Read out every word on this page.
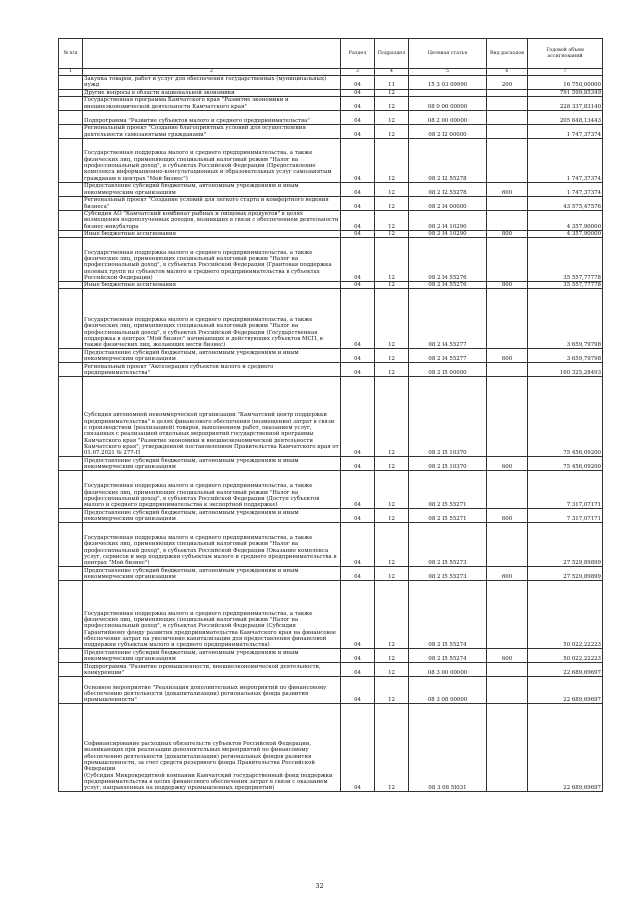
№ п/п		Раздел	Подраздел	Целевая статья	Вид расходов	Годовой объем ассигнований
1	2	3	4	5	6	7
	Закупка товаров, работ и услуг для обеспечения государственных (муниципальных) нужд	04	11	15 3 03 09990	200	16 750,00000
	Другие вопросы в области национальной экономики	04	12			791 599,85349
	Государственная программа Камчатского края "Развитие экономики и внешнеэкономической деятельности Камчатского края"	04	12	08 0 00 00000		228 337,83140
	Подпрограмма "Развитие субъектов малого и среднего предпринимательства"	04	12	08 2 00 00000		205 648,13443
	Региональный проект "Создание благоприятных условий для осуществления деятельности самозанятыми гражданами"	04	12	08 2 I2 00000		1 747,37374
	Государственная поддержка малого и среднего предпринимательства, а также физических лиц, применяющих специальный налоговый режим "Налог на профессиональный доход", в субъектах Российской Федерации (Предоставление комплекса информационно-консультационных и образовательных услуг самозанятым гражданам в центрах "Мой бизнес")	04	12	08 2 I2 55278		1 747,37374
	Предоставление субсидий бюджетным, автономным учреждениям и иным некоммерческим организациям	04	12	08 2 I2 55278	600	1 747,37374
	Региональный проект "Создание условий для легкого старта и комфортного ведения бизнеса"	04	12	08 2 I4 00000		43 575,47576
	Субсидия АО "Камчатский комбинат рыбных и пищевых продуктов" в целях возмещения недополученных доходов, возникших в связи с обеспечением деятельности бизнес-инкубатора	04	12	08 2 I4 10290		4 357,90000
	Иные бюджетные ассигнования	04	12	08 2 I4 10290	800	4 357,90000
	Государственная поддержка малого и среднего предпринимательства, а также физических лиц, применяющих специальный налоговый режим "Налог на профессиональный доход", в субъектах Российской Федерации (Грантовая поддержка целевых групп из субъектов малого и среднего предпринимательства в субъектах Российской Федерации)	04	12	08 2 I4 55276		35 557,77778
	Иные бюджетные ассигнования	04	12	08 2 I4 55276	800	35 557,77778
	Государственная поддержка малого и среднего предпринимательства, а также физических лиц, применяющих специальный налоговый режим "Налог на профессиональный доход", в субъектах Российской Федерации (Государственная поддержка в центрах "Мой бизнес" начинающих и действующих субъектов МСП, в также физических лиц, желающих вести бизнес)	04	12	08 2 I4 55277		3 659,79798
	Предоставление субсидий бюджетным, автономным учреждениям и иным некоммерческим организациям	04	12	08 2 I4 55277	600	3 659,79798
	Региональный проект "Акселерация субъектов малого и среднего предпринимательства"	04	12	08 2 I5 00000		160 325,28493
	Субсидия автономной некоммерческой организации "Камчатский центр поддержки предпринимательства" в целях финансового обеспечения (возмещения) затрат в связи с производством (реализацией) товаров, выполнением работ, оказанием услуг, связанных с реализацией отдельных мероприятий государственной программы Камчатского края "Развитие экономики и внешнеэкономической деятельности Камчатского края", утвержденной постановлением Правительства Камчатского края от 01.07.2021 № 277-П	04	12	08 2 I5 10370		75 456,09200
	Предоставление субсидий бюджетным, автономным учреждениям и иным некоммерческим организациям	04	12	08 2 I5 10370	600	75 456,09200
	Государственная поддержка малого и среднего предпринимательства, а также физических лиц, применяющих специальный налоговый режим "Налог на профессиональный доход", в субъектах Российской Федерации (Доступ субъектов малого и среднего предпринимательства к экспортной поддержке)	04	12	08 2 I5 55271		7 317,07171
	Предоставление субсидий бюджетным, автономным учреждениям и иным некоммерческим организациям	04	12	08 2 I5 55271	600	7 317,07171
	Государственная поддержка малого и среднего предпринимательства, а также физических лиц, применяющих специальный налоговый режим "Налог на профессиональный доход", в субъектах Российской Федерации (Оказание комплекса услуг, сервисов и мер поддержки субъектам малого и среднего предпринимательства в центрах "Мой бизнес")	04	12	08 2 I5 55273		27 529,89899
	Предоставление субсидий бюджетным, автономным учреждениям и иным некоммерческим организациям	04	12	08 2 I5 55273	600	27 529,89899
	Государственная поддержка малого и среднего предпринимательства, а также физических лиц, применяющих специальный налоговый режим "Налог на профессиональный доход", в субъектах Российской Федерации (Субсидия Гарантийному фонду развития предпринимательства Камчатского края на финансовое обеспечение затрат на увеличение капитализации для предоставления финансовой поддержки субъектам малого и среднего предпринимательства)	04	12	08 2 I5 55274		50 022,22223
	Предоставление субсидий бюджетным, автономным учреждениям и иным некоммерческим организациям	04	12	08 2 I5 55274	600	50 022,22223
	Подпрограмма "Развитие промышленности, внешнеэкономической деятельности, конкуренции"	04	12	08 3 00 00000		22 689,69697
	Основное мероприятие "Реализация дополнительных мероприятий по финансовому обеспечению деятельности (докапитализации) региональных фонда развития промышленности"	04	12	08 3 08 00000		22 689,69697
	Софинансирование расходных обязательств субъектов Российской Федерации, возникающих при реализации дополнительных мероприятий по финансовому обеспечению деятельности (докапитализации) региональных фондов развития промышленности, за счет средств резервного фонда Правительства Российской Федерации
(Субсидия Микрокредитной компании Камчатский государственный фонд поддержки предпринимательства в целях финансового обеспечения затрат в связи с оказанием услуг, направленных на поддержку промышленных предприятий)	04	12	08 3 08 5I031		22 689,69697
32
